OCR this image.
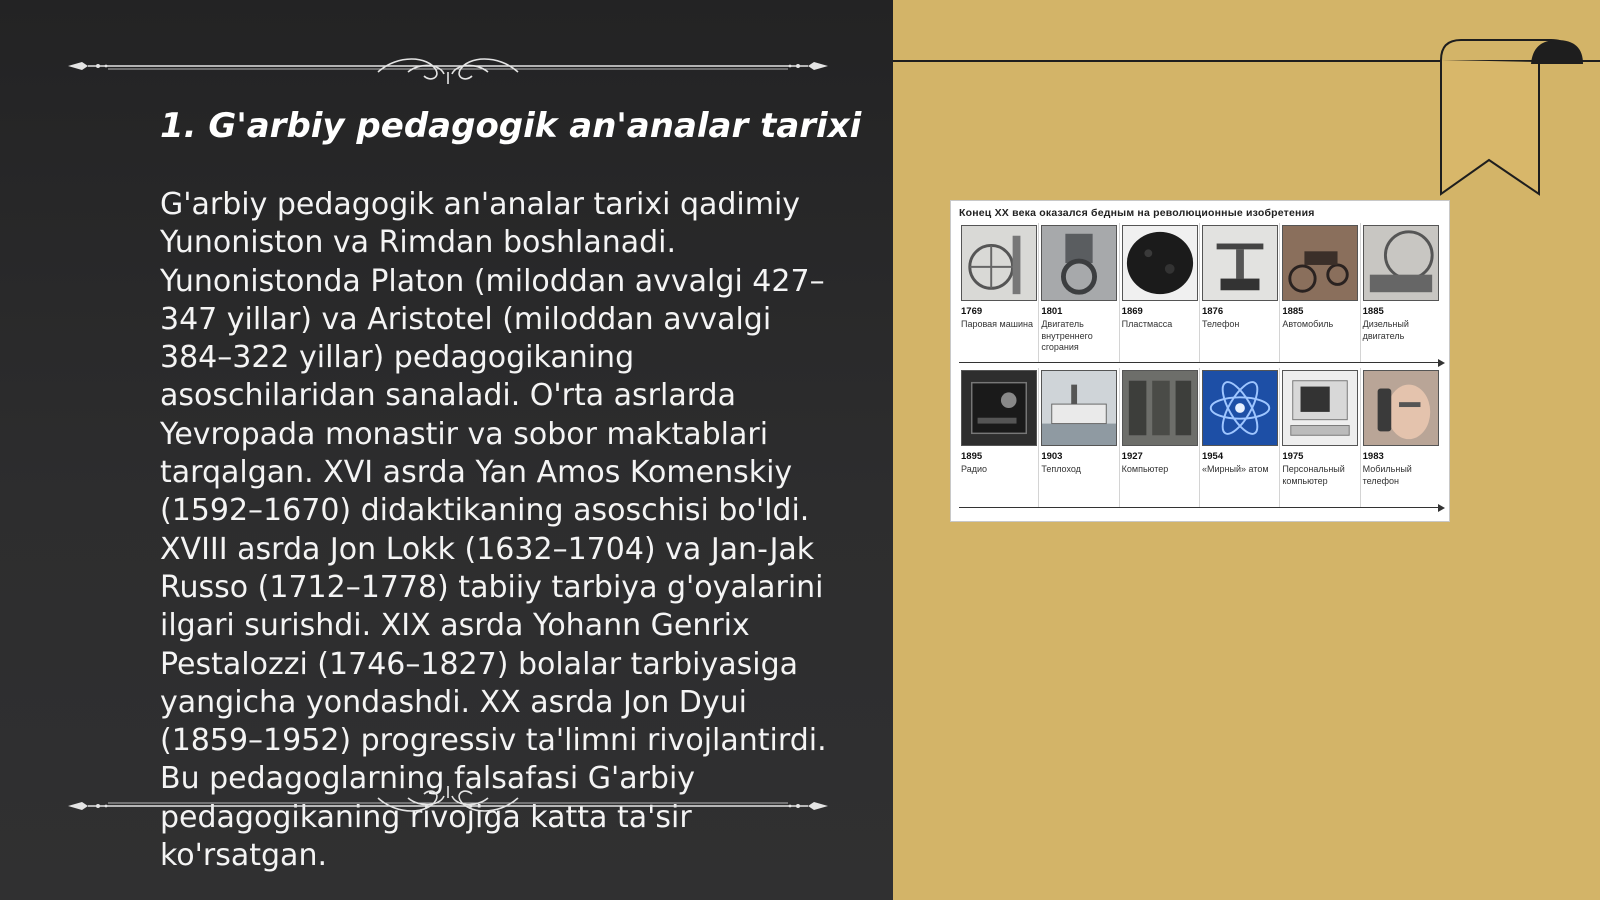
1. G'arbiy pedagogik an'analar tarixi
G'arbiy pedagogik an'analar tarixi qadimiy Yunoniston va Rimdan boshlanadi. Yunonistonda Platon (miloddan avvalgi 427–347 yillar) va Aristotel (miloddan avvalgi 384–322 yillar) pedagogikaning asoschilaridan sanaladi. O'rta asrlarda Yevropada monastir va sobor maktablari tarqalgan. XVI asrda Yan Amos Komenskiy (1592–1670) didaktikaning asoschisi bo'ldi. XVIII asrda Jon Lokk (1632–1704) va Jan-Jak Russo (1712–1778) tabiiy tarbiya g'oyalarini ilgari surishdi. XIX asrda Yohann Genrix Pestalozzi (1746–1827) bolalar tarbiyasiga yangicha yondashdi. XX asrda Jon Dyui (1859–1952) progressiv ta'limni rivojlantirdi. Bu pedagoglarning falsafasi G'arbiy pedagogikaning rivojiga katta ta'sir ko'rsatgan.
Конец XX века оказался бедным на революционные изобретения
1769
Паровая машина
1801
Двигатель внутреннего сгорания
1869
Пластмасса
1876
Телефон
1885
Автомобиль
1885
Дизельный двигатель
1895
Радио
1903
Теплоход
1927
Компьютер
1954
«Мирный» атом
1975
Персональный компьютер
1983
Мобильный телефон
